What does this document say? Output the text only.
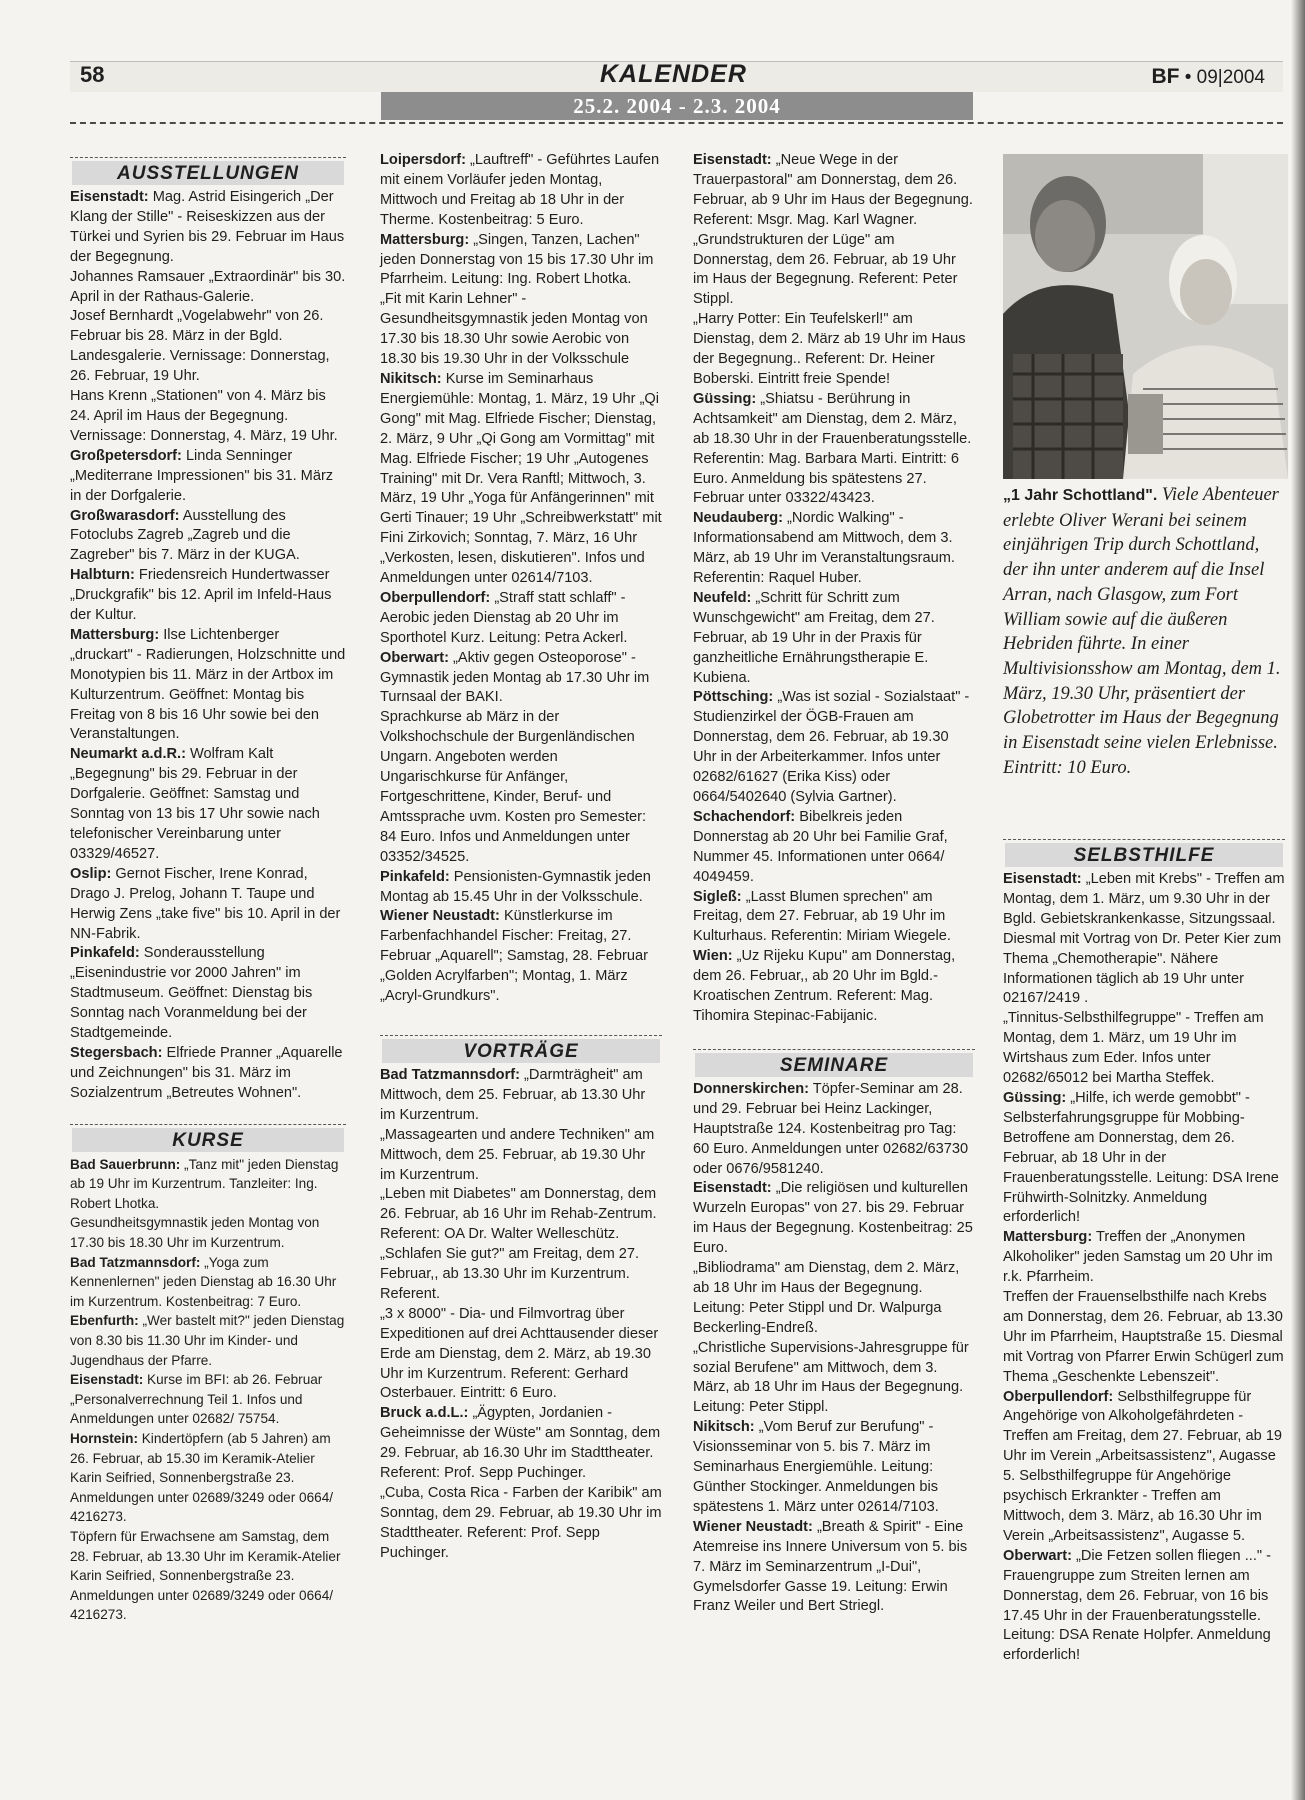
58	KALENDER	BF • 09|2004
25.2. 2004 - 2.3. 2004
AUSSTELLUNGEN

Eisenstadt: Mag. Astrid Eisingerich „Der Klang der Stille" - Reiseskizzen aus der Türkei und Syrien bis 29. Februar im Haus der Begegnung.

Johannes Ramsauer „Extraordinär" bis 30. April in der Rathaus-Galerie.

Josef Bernhardt „Vogelabwehr" von 26. Februar bis 28. März in der Bgld. Landesgalerie. Vernissage: Donnerstag, 26. Februar, 19 Uhr.

Hans Krenn „Stationen" von 4. März bis 24. April im Haus der Begegnung. Vernissage: Donnerstag, 4. März, 19 Uhr.

Großpetersdorf: Linda Senninger „Mediterrane Impressionen" bis 31. März in der Dorfgalerie.

Großwarasdorf: Ausstellung des Fotoclubs Zagreb „Zagreb und die Zagreber" bis 7. März in der KUGA.

Halbturn: Friedensreich Hundertwasser „Druckgrafik" bis 12. April im Infeld-Haus der Kultur.

Mattersburg: Ilse Lichtenberger „druckart" - Radierungen, Holzschnitte und Monotypien bis 11. März in der Artbox im Kulturzentrum. Geöffnet: Montag bis Freitag von 8 bis 16 Uhr sowie bei den Veranstaltungen.

Neumarkt a.d.R.: Wolfram Kalt „Begegnung" bis 29. Februar in der Dorfgalerie. Geöffnet: Samstag und Sonntag von 13 bis 17 Uhr sowie nach telefonischer Vereinbarung unter 03329/46527.

Oslip: Gernot Fischer, Irene Konrad, Drago J. Prelog, Johann T. Taupe und Herwig Zens „take five" bis 10. April in der NN-Fabrik.

Pinkafeld: Sonderausstellung „Eisenindustrie vor 2000 Jahren" im Stadtmuseum. Geöffnet: Dienstag bis Sonntag nach Voranmeldung bei der Stadtgemeinde.

Stegersbach: Elfriede Pranner „Aquarelle und Zeichnungen" bis 31. März im Sozialzentrum „Betreutes Wohnen".

KURSE

Bad Sauerbrunn: „Tanz mit" jeden Dienstag ab 19 Uhr im Kurzentrum. Tanzleiter: Ing. Robert Lhotka.

Gesundheitsgymnastik jeden Montag von 17.30 bis 18.30 Uhr im Kurzentrum.

Bad Tatzmannsdorf: „Yoga zum Kennenlernen" jeden Dienstag ab 16.30 Uhr im Kurzentrum. Kostenbeitrag: 7 Euro.

Ebenfurth: „Wer bastelt mit?" jeden Dienstag von 8.30 bis 11.30 Uhr im Kinder- und Jugendhaus der Pfarre.

Eisenstadt: Kurse im BFI: ab 26. Februar „Personalverrechnung Teil 1. Infos und Anmeldungen unter 02682/ 75754.

Hornstein: Kindertöpfern (ab 5 Jahren) am 26. Februar, ab 15.30 im Keramik-Atelier Karin Seifried, Sonnenbergstraße 23. Anmeldungen unter 02689/3249 oder 0664/ 4216273.

Töpfern für Erwachsene am Samstag, dem 28. Februar, ab 13.30 Uhr im Keramik-Atelier Karin Seifried, Sonnenbergstraße 23. Anmeldungen unter 02689/3249 oder 0664/ 4216273.

Loipersdorf: „Lauftreff" - Geführtes Laufen mit einem Vorläufer jeden Montag, Mittwoch und Freitag ab 18 Uhr in der Therme. Kostenbeitrag: 5 Euro.

Mattersburg: „Singen, Tanzen, Lachen" jeden Donnerstag von 15 bis 17.30 Uhr im Pfarrheim. Leitung: Ing. Robert Lhotka.

„Fit mit Karin Lehner" - Gesundheitsgymnastik jeden Montag von 17.30 bis 18.30 Uhr sowie Aerobic von 18.30 bis 19.30 Uhr in der Volksschule

Nikitsch: Kurse im Seminarhaus Energiemühle: Montag, 1. März, 19 Uhr „Qi Gong" mit Mag. Elfriede Fischer; Dienstag, 2. März, 9 Uhr „Qi Gong am Vormittag" mit Mag. Elfriede Fischer; 19 Uhr „Autogenes Training" mit Dr. Vera Ranftl; Mittwoch, 3. März, 19 Uhr „Yoga für Anfängerinnen" mit Gerti Tinauer; 19 Uhr „Schreibwerkstatt" mit Fini Zirkovich; Sonntag, 7. März, 16 Uhr „Verkosten, lesen, diskutieren". Infos und Anmeldungen unter 02614/7103.

Oberpullendorf: „Straff statt schlaff" - Aerobic jeden Dienstag ab 20 Uhr im Sporthotel Kurz. Leitung: Petra Ackerl.

Oberwart: „Aktiv gegen Osteoporose" - Gymnastik jeden Montag ab 17.30 Uhr im Turnsaal der BAKI.

Sprachkurse ab März in der Volkshochschule der Burgenländischen Ungarn. Angeboten werden Ungarischkurse für Anfänger, Fortgeschrittene, Kinder, Beruf- und Amtssprache uvm. Kosten pro Semester: 84 Euro. Infos und Anmeldungen unter 03352/34525.

Pinkafeld: Pensionisten-Gymnastik jeden Montag ab 15.45 Uhr in der Volksschule.

Wiener Neustadt: Künstlerkurse im Farbenfachhandel Fischer: Freitag, 27. Februar „Aquarell"; Samstag, 28. Februar „Golden Acrylfarben"; Montag, 1. März „Acryl-Grundkurs".

VORTRÄGE

Bad Tatzmannsdorf: „Darmträgheit" am Mittwoch, dem 25. Februar, ab 13.30 Uhr im Kurzentrum.

„Massagearten und andere Techniken" am Mittwoch, dem 25. Februar, ab 19.30 Uhr im Kurzentrum.

„Leben mit Diabetes" am Donnerstag, dem 26. Februar, ab 16 Uhr im Rehab-Zentrum. Referent: OA Dr. Walter Welleschütz.

„Schlafen Sie gut?" am Freitag, dem 27. Februar,, ab 13.30 Uhr im Kurzentrum. Referent.

„3 x 8000" - Dia- und Filmvortrag über Expeditionen auf drei Achttausender dieser Erde am Dienstag, dem 2. März, ab 19.30 Uhr im Kurzentrum. Referent: Gerhard Osterbauer. Eintritt: 6 Euro.

Bruck a.d.L.: „Ägypten, Jordanien - Geheimnisse der Wüste" am Sonntag, dem 29. Februar, ab 16.30 Uhr im Stadttheater. Referent: Prof. Sepp Puchinger.

„Cuba, Costa Rica - Farben der Karibik" am Sonntag, dem 29. Februar, ab 19.30 Uhr im Stadttheater. Referent: Prof. Sepp Puchinger.

Eisenstadt: „Neue Wege in der Trauerpastoral" am Donnerstag, dem 26. Februar, ab 9 Uhr im Haus der Begegnung. Referent: Msgr. Mag. Karl Wagner.

„Grundstrukturen der Lüge" am Donnerstag, dem 26. Februar, ab 19 Uhr im Haus der Begegnung. Referent: Peter Stippl.

„Harry Potter: Ein Teufelskerl!" am Dienstag, dem 2. März ab 19 Uhr im Haus der Begegnung.. Referent: Dr. Heiner Boberski. Eintritt freie Spende!

Güssing: „Shiatsu - Berührung in Achtsamkeit" am Dienstag, dem 2. März, ab 18.30 Uhr in der Frauenberatungsstelle. Referentin: Mag. Barbara Marti. Eintritt: 6 Euro. Anmeldung bis spätestens 27. Februar unter 03322/43423.

Neudauberg: „Nordic Walking" - Informationsabend am Mittwoch, dem 3. März, ab 19 Uhr im Veranstaltungsraum. Referentin: Raquel Huber.

Neufeld: „Schritt für Schritt zum Wunschgewicht" am Freitag, dem 27. Februar, ab 19 Uhr in der Praxis für ganzheitliche Ernährungstherapie E. Kubiena.

Pöttsching: „Was ist sozial - Sozialstaat" - Studienzirkel der ÖGB-Frauen am Donnerstag, dem 26. Februar, ab 19.30 Uhr in der Arbeiterkammer. Infos unter 02682/61627 (Erika Kiss) oder 0664/5402640 (Sylvia Gartner).

Schachendorf: Bibelkreis jeden Donnerstag ab 20 Uhr bei Familie Graf, Nummer 45. Informationen unter 0664/ 4049459.

Sigleß: „Lasst Blumen sprechen" am Freitag, dem 27. Februar, ab 19 Uhr im Kulturhaus. Referentin: Miriam Wiegele.

Wien: „Uz Rijeku Kupu" am Donnerstag, dem 26. Februar,, ab 20 Uhr im Bgld.-Kroatischen Zentrum. Referent: Mag. Tihomira Stepinac-Fabijanic.

SEMINARE

Donnerskirchen: Töpfer-Seminar am 28. und 29. Februar bei Heinz Lackinger, Hauptstraße 124. Kostenbeitrag pro Tag: 60 Euro. Anmeldungen unter 02682/63730 oder 0676/9581240.

Eisenstadt: „Die religiösen und kulturellen Wurzeln Europas" von 27. bis 29. Februar im Haus der Begegnung. Kostenbeitrag: 25 Euro.

„Bibliodrama" am Dienstag, dem 2. März, ab 18 Uhr im Haus der Begegnung. Leitung: Peter Stippl und Dr. Walpurga Beckerling-Endreß.

„Christliche Supervisions-Jahresgruppe für sozial Berufene" am Mittwoch, dem 3. März, ab 18 Uhr im Haus der Begegnung. Leitung: Peter Stippl.

Nikitsch: „Vom Beruf zur Berufung" - Visionsseminar von 5. bis 7. März im Seminarhaus Energiemühle. Leitung: Günther Stockinger. Anmeldungen bis spätestens 1. März unter 02614/7103.

Wiener Neustadt: „Breath & Spirit" - Eine Atemreise ins Innere Universum von 5. bis 7. März im Seminarzentrum „I-Dui", Gymelsdorfer Gasse 19. Leitung: Erwin Franz Weiler und Bert Striegl.

„1 Jahr Schottland". Viele Abenteuer erlebte Oliver Werani bei seinem einjährigen Trip durch Schottland, der ihn unter anderem auf die Insel Arran, nach Glasgow, zum Fort William sowie auf die äußeren Hebriden führte. In einer Multivisionsshow am Montag, dem 1. März, 19.30 Uhr, präsentiert der Globetrotter im Haus der Begegnung in Eisenstadt seine vielen Erlebnisse. Eintritt: 10 Euro.
SELBSTHILFE

Eisenstadt: „Leben mit Krebs" - Treffen am Montag, dem 1. März, um 9.30 Uhr in der Bgld. Gebietskrankenkasse, Sitzungssaal. Diesmal mit Vortrag von Dr. Peter Kier zum Thema „Chemotherapie". Nähere Informationen täglich ab 19 Uhr unter 02167/2419 .

„Tinnitus-Selbsthilfegruppe" - Treffen am Montag, dem 1. März, um 19 Uhr im Wirtshaus zum Eder. Infos unter 02682/65012 bei Martha Steffek.

Güssing: „Hilfe, ich werde gemobbt" - Selbsterfahrungsgruppe für Mobbing-Betroffene am Donnerstag, dem 26. Februar, ab 18 Uhr in der Frauenberatungsstelle. Leitung: DSA Irene Frühwirth-Solnitzky. Anmeldung erforderlich!

Mattersburg: Treffen der „Anonymen Alkoholiker" jeden Samstag um 20 Uhr im r.k. Pfarrheim.

Treffen der Frauenselbsthilfe nach Krebs am Donnerstag, dem 26. Februar, ab 13.30 Uhr im Pfarrheim, Hauptstraße 15. Diesmal mit Vortrag von Pfarrer Erwin Schügerl zum Thema „Geschenkte Lebenszeit".

Oberpullendorf: Selbsthilfegruppe für Angehörige von Alkoholgefährdeten - Treffen am Freitag, dem 27. Februar, ab 19 Uhr im Verein „Arbeitsassistenz", Augasse 5. Selbsthilfegruppe für Angehörige psychisch Erkrankter - Treffen am Mittwoch, dem 3. März, ab 16.30 Uhr im Verein „Arbeitsassistenz", Augasse 5.

Oberwart: „Die Fetzen sollen fliegen ..." - Frauengruppe zum Streiten lernen am Donnerstag, dem 26. Februar, von 16 bis 17.45 Uhr in der Frauenberatungsstelle. Leitung: DSA Renate Holpfer. Anmeldung erforderlich!
